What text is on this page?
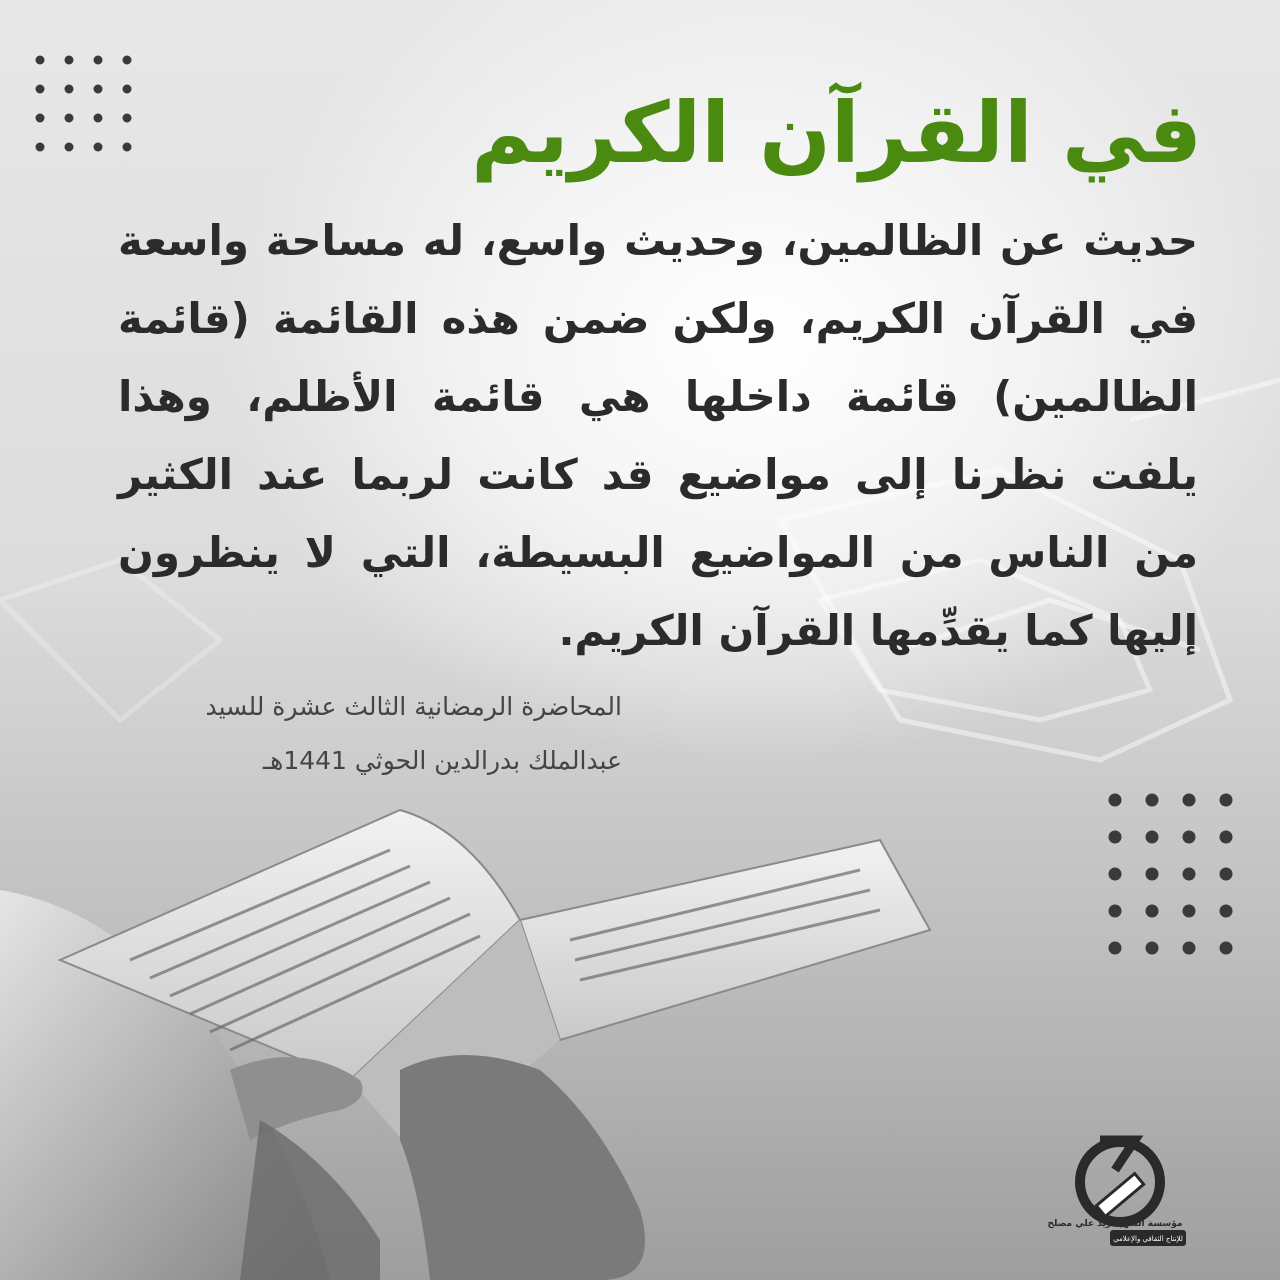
في القرآن الكريم
حديث عن الظالمين، وحديث واسع، له مساحة واسعة في القرآن الكريم، ولكن ضمن هذه القائمة (قائمة الظالمين) قائمة داخلها هي قائمة الأظلم، وهذا يلفت نظرنا إلى مواضيع قد كانت لربما عند الكثير من الناس من المواضيع البسيطة، التي لا ينظرون إليها كما يقدِّمها القرآن الكريم.
المحاضرة الرمضانية الثالث عشرة للسيد
عبدالملك بدرالدين الحوثي 1441هـ
مؤسسة الشهيد زيد علي مصلح
للإنتاج الثقافي والإعلامي
